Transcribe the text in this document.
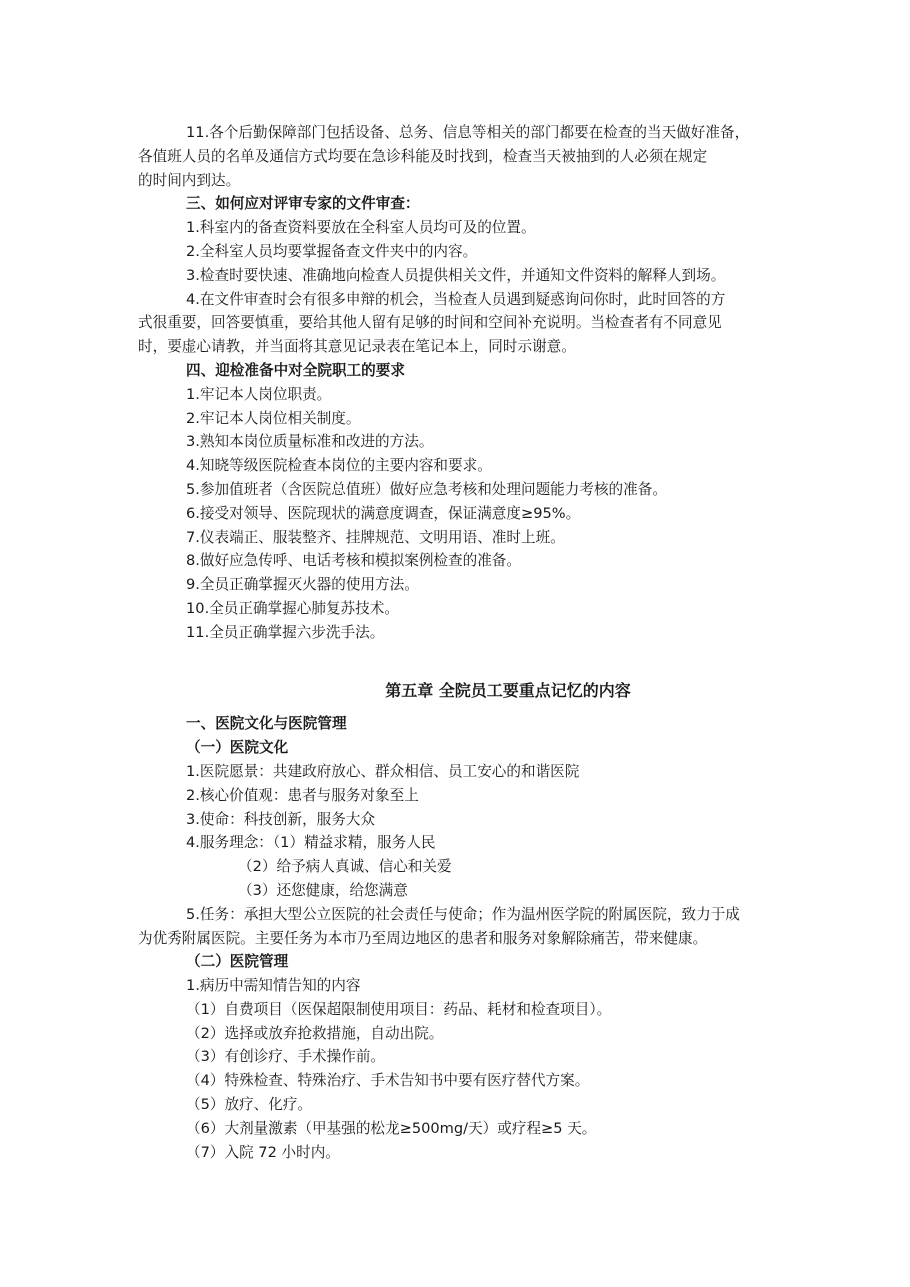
11.各个后勤保障部门包括设备、总务、信息等相关的部门都要在检查的当天做好准备，

各值班人员的名单及通信方式均要在急诊科能及时找到，检查当天被抽到的人必须在规定

的时间内到达。

三、如何应对评审专家的文件审查：

1.科室内的备查资料要放在全科室人员均可及的位置。

2.全科室人员均要掌握备查文件夹中的内容。

3.检查时要快速、准确地向检查人员提供相关文件，并通知文件资料的解释人到场。

4.在文件审查时会有很多申辩的机会，当检查人员遇到疑惑询问你时，此时回答的方

式很重要，回答要慎重，要给其他人留有足够的时间和空间补充说明。当检查者有不同意见

时，要虚心请教，并当面将其意见记录表在笔记本上，同时示谢意。

四、迎检准备中对全院职工的要求

1.牢记本人岗位职责。

2.牢记本人岗位相关制度。

3.熟知本岗位质量标准和改进的方法。

4.知晓等级医院检查本岗位的主要内容和要求。

5.参加值班者（含医院总值班）做好应急考核和处理问题能力考核的准备。

6.接受对领导、医院现状的满意度调查，保证满意度≥95%。

7.仪表端正、服装整齐、挂牌规范、文明用语、准时上班。

8.做好应急传呼、电话考核和模拟案例检查的准备。

9.全员正确掌握灭火器的使用方法。

10.全员正确掌握心肺复苏技术。

11.全员正确掌握六步洗手法。

第五章 全院员工要重点记忆的内容

一、医院文化与医院管理

（一）医院文化

1.医院愿景：共建政府放心、群众相信、员工安心的和谐医院

2.核心价值观：患者与服务对象至上

3.使命：科技创新，服务大众

4.服务理念：（1）精益求精，服务人民

（2）给予病人真诚、信心和关爱

（3）还您健康，给您满意

5.任务：承担大型公立医院的社会责任与使命；作为温州医学院的附属医院，致力于成

为优秀附属医院。主要任务为本市乃至周边地区的患者和服务对象解除痛苦，带来健康。

（二）医院管理

1.病历中需知情告知的内容

（1）自费项目（医保超限制使用项目：药品、耗材和检查项目）。

（2）选择或放弃抢救措施，自动出院。

（3）有创诊疗、手术操作前。

（4）特殊检查、特殊治疗、手术告知书中要有医疗替代方案。

（5）放疗、化疗。

（6）大剂量激素（甲基强的松龙≥500mg/天）或疗程≥5 天。

（7）入院 72 小时内。
